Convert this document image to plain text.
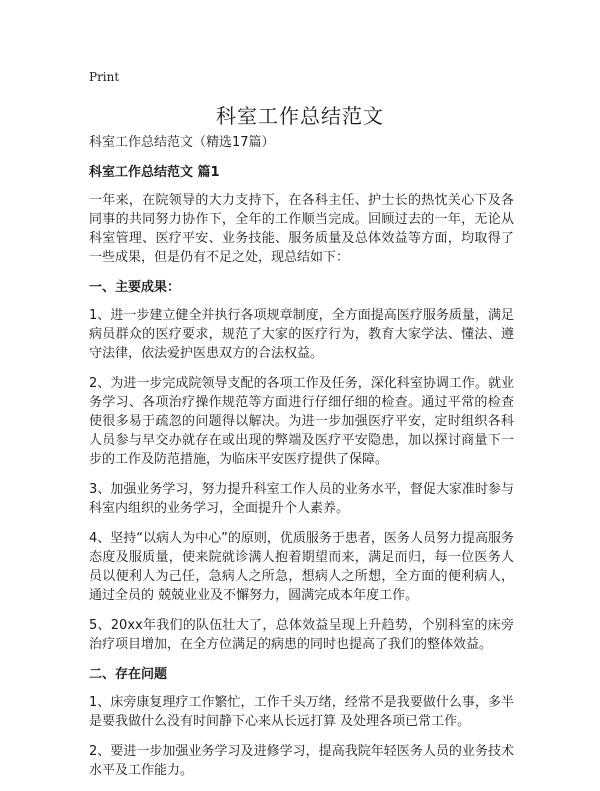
Print
科室工作总结范文

科室工作总结范文（精选17篇）

科室工作总结范文 篇1

一年来，在院领导的大力支持下，在各科主任、护士长的热忱关心下及各同事的共同努力协作下，全年的工作顺当完成。回顾过去的一年，无论从科室管理、医疗平安、业务技能、服务质量及总体效益等方面，均取得了一些成果，但是仍有不足之处，现总结如下：

一、主要成果：

1、进一步建立健全并执行各项规章制度，全方面提高医疗服务质量，满足病员群众的医疗要求，规范了大家的医疗行为，教育大家学法、懂法、遵守法律，依法爱护医患双方的合法权益。

2、为进一步完成院领导支配的各项工作及任务，深化科室协调工作。就业务学习、各项治疗操作规范等方面进行仔细仔细的检查。通过平常的检查使很多易于疏忽的问题得以解决。为进一步加强医疗平安，定时组织各科人员参与早交办就存在或出现的弊端及医疗平安隐患，加以探讨商量下一步的工作及防范措施，为临床平安医疗提供了保障。

3、加强业务学习，努力提升科室工作人员的业务水平，督促大家准时参与科室内组织的业务学习，全面提升个人素养。

4、坚持“以病人为中心”的原则，优质服务于患者，医务人员努力提高服务态度及服质量，使来院就诊满人抱着期望而来，满足而归，每一位医务人员以便利人为己任，急病人之所急，想病人之所想，全方面的便利病人，通过全员的 兢兢业业及不懈努力，圆满完成本年度工作。

5、20xx年我们的队伍壮大了，总体效益呈现上升趋势，个别科室的床旁治疗项目增加，在全方位满足的病患的同时也提高了我们的整体效益。

二、存在问题

1、床旁康复理疗工作繁忙，工作千头万绪，经常不是我要做什么事，多半是要我做什么没有时间静下心来从长远打算 及处理各项已常工作。

2、要进一步加强业务学习及进修学习，提高我院年轻医务人员的业务技术水平及工作能力。
